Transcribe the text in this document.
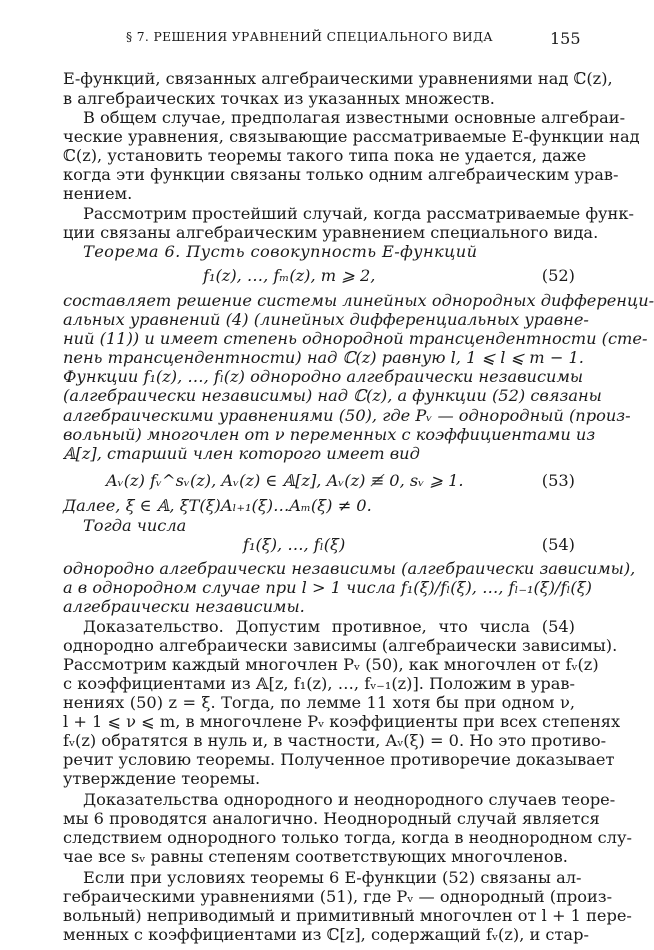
§ 7. РЕШЕНИЯ УРАВНЕНИЙ СПЕЦИАЛЬНОГО ВИДА	155
Е-функций, связанных алгебраическими уравнениями над ℂ(z),
в алгебраических точках из указанных множеств.
В общем случае, предполагая известными основные алгебраи-
ческие уравнения, связывающие рассматриваемые Е-функции над
ℂ(z), установить теоремы такого типа пока не удается, даже
когда эти функции связаны только одним алгебраическим урав-
нением.
Рассмотрим простейший случай, когда рассматриваемые функ-
ции связаны алгебраическим уравнением специального вида.
Теорема 6. Пусть совокупность Е-функций
f₁(z), …, fₘ(z), m ⩾ 2,	(52)
составляет решение системы линейных однородных дифференци-
альных уравнений (4) (линейных дифференциальных уравне-
ний (11)) и имеет степень однородной трансцендентности (сте-
пень трансцендентности) над ℂ(z) равную l, 1 ⩽ l ⩽ m − 1.
Функции f₁(z), …, fₗ(z) однородно алгебраически независимы
(алгебраически независимы) над ℂ(z), а функции (52) связаны
алгебраическими уравнениями (50), где Pᵥ — однородный (произ-
вольный) многочлен от ν переменных с коэффициентами из
𝔸[z], старший член которого имеет вид
Aᵥ(z) fᵥ^sᵥ(z), Aᵥ(z) ∈ 𝔸[z], Aᵥ(z) ≢ 0, sᵥ ⩾ 1.	(53)
Далее, ξ ∈ 𝔸, ξT(ξ)Aₗ₊₁(ξ)…Aₘ(ξ) ≠ 0.
Тогда числа
f₁(ξ), …, fₗ(ξ)	(54)
однородно алгебраически независимы (алгебраически зависимы),
а в однородном случае при l > 1 числа f₁(ξ)/fₗ(ξ), …, fₗ₋₁(ξ)/fₗ(ξ)
алгебраически независимы.
Доказательство. Допустим противное, что числа (54)
однородно алгебраически зависимы (алгебраически зависимы).
Рассмотрим каждый многочлен Pᵥ (50), как многочлен от fᵥ(z)
с коэффициентами из 𝔸[z, f₁(z), …, fᵥ₋₁(z)]. Положим в урав-
нениях (50) z = ξ. Тогда, по лемме 11 хотя бы при одном ν,
l + 1 ⩽ ν ⩽ m, в многочлене Pᵥ коэффициенты при всех степенях
fᵥ(z) обратятся в нуль и, в частности, Aᵥ(ξ) = 0. Но это противо-
речит условию теоремы. Полученное противоречие доказывает
утверждение теоремы.
Доказательства однородного и неоднородного случаев теоре-
мы 6 проводятся аналогично. Неоднородный случай является
следствием однородного только тогда, когда в неоднородном слу-
чае все sᵥ равны степеням соответствующих многочленов.
Если при условиях теоремы 6 Е-функции (52) связаны ал-
гебраическими уравнениями (51), где Pᵥ — однородный (произ-
вольный) неприводимый и примитивный многочлен от l + 1 пере-
менных с коэффициентами из ℂ[z], содержащий fᵥ(z), и стар-
